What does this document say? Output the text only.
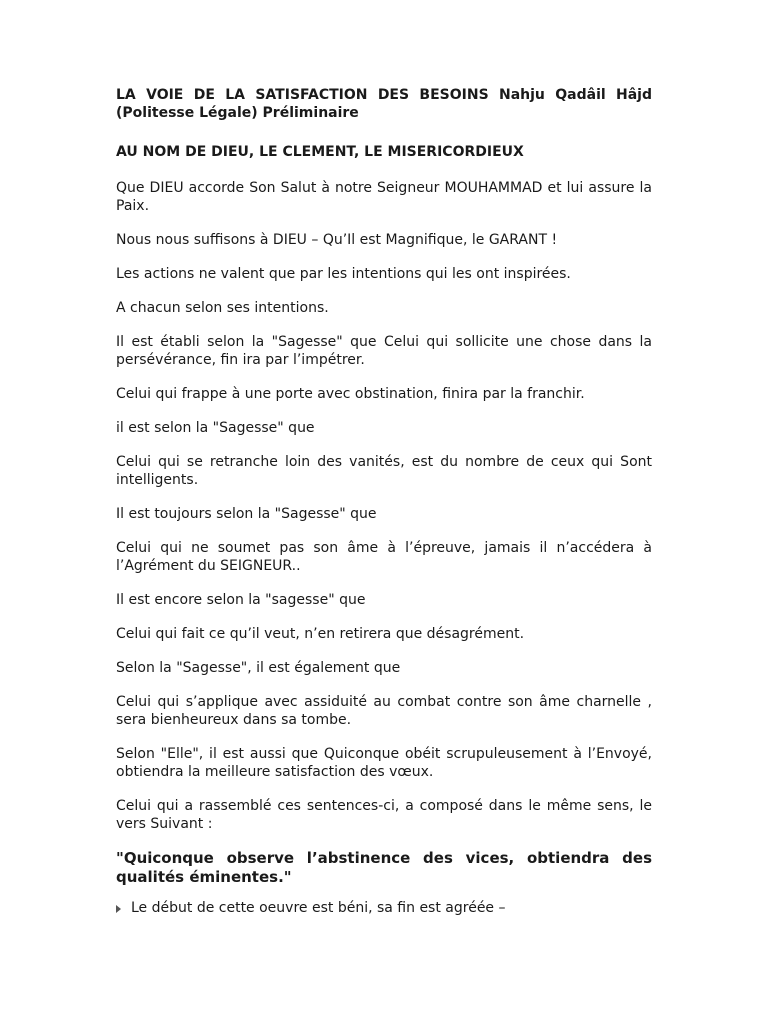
LA VOIE DE LA SATISFACTION DES BESOINS Nahju Qadâil Hâjd (Politesse Légale) Préliminaire

AU NOM DE DIEU, LE CLEMENT, LE MISERICORDIEUX

Que DIEU accorde Son Salut à notre Seigneur MOUHAMMAD et lui assure la Paix.

Nous nous suffisons à DIEU – Qu’Il est Magnifique, le GARANT !

Les actions ne valent que par les intentions qui les ont inspirées.

A chacun selon ses intentions.

Il est établi selon la "Sagesse" que Celui qui sollicite une chose dans la persévérance, fin ira par l’impétrer.

Celui qui frappe à une porte avec obstination, finira par la franchir.

il est selon la "Sagesse" que

Celui qui se retranche loin des vanités, est du nombre de ceux qui Sont intelligents.

Il est toujours selon la "Sagesse" que

Celui qui ne soumet pas son âme à l’épreuve, jamais il n’accédera à l’Agrément du SEIGNEUR..

Il est encore selon la "sagesse" que

Celui qui fait ce qu’il veut, n’en retirera que désagrément.

Selon la "Sagesse", il est également que

Celui qui s’applique avec assiduité au combat contre son âme charnelle , sera bienheureux dans sa tombe.

Selon "Elle", il est aussi que Quiconque obéit scrupuleusement à l’Envoyé, obtiendra la meilleure satisfaction des vœux.

Celui qui a rassemblé ces sentences-ci, a composé dans le même sens, le vers Suivant :

"Quiconque observe l’abstinence des vices, obtiendra des qualités éminentes."

Le début de cette oeuvre est béni, sa fin est agréée –
